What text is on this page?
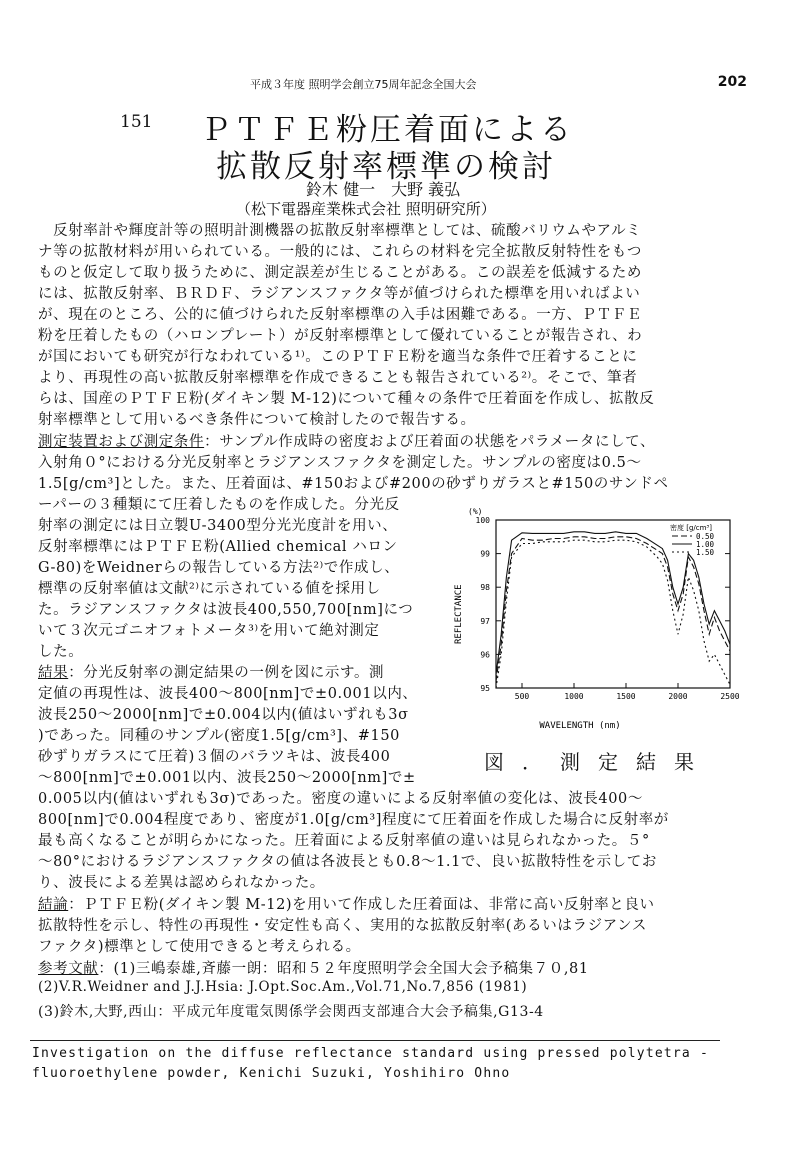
平成３年度 照明学会創立75周年記念全国大会	202
151 ＰＴＦＥ粉圧着面による
拡散反射率標準の検討
鈴木 健一　大野 義弘
（松下電器産業株式会社 照明研究所）
　反射率計や輝度計等の照明計測機器の拡散反射率標準としては、硫酸バリウムやアルミ
ナ等の拡散材料が用いられている。一般的には、これらの材料を完全拡散反射特性をもつ
ものと仮定して取り扱うために、測定誤差が生じることがある。この誤差を低減するため
には、拡散反射率、ＢＲＤＦ、ラジアンスファクタ等が値づけられた標準を用いればよい
が、現在のところ、公的に値づけられた反射率標準の入手は困難である。一方、ＰＴＦＥ
粉を圧着したもの（ハロンプレート）が反射率標準として優れていることが報告され、わ
が国においても研究が行なわれている¹⁾。このＰＴＦＥ粉を適当な条件で圧着することに
より、再現性の高い拡散反射率標準を作成できることも報告されている²⁾。そこで、筆者
らは、国産のＰＴＦＥ粉(ダイキン製 M-12)について種々の条件で圧着面を作成し、拡散反
射率標準として用いるべき条件について検討したので報告する。
測定装置および測定条件：サンプル作成時の密度および圧着面の状態をパラメータにして、
入射角０°における分光反射率とラジアンスファクタを測定した。サンプルの密度は0.5～
1.5[g/cm³]とした。また、圧着面は、#150および#200の砂ずりガラスと#150のサンドペ
ーパーの３種類にて圧着したものを作成した。分光反
射率の測定には日立製U-3400型分光光度計を用い、
反射率標準にはＰＴＦＥ粉(Allied chemical ハロン
G-80)をWeidnerらの報告している方法²⁾で作成し、
標準の反射率値は文献²⁾に示されている値を採用し
た。ラジアンスファクタは波長400,550,700[nm]につ
いて３次元ゴニオフォトメータ³⁾を用いて絶対測定
した。
結果：分光反射率の測定結果の一例を図に示す。測
定値の再現性は、波長400～800[nm]で±0.001以内、
波長250～2000[nm]で±0.004以内(値はいずれも3σ
)であった。同種のサンプル(密度1.5[g/cm³]、#150
砂ずりガラスにて圧着)３個のバラツキは、波長400
～800[nm]で±0.001以内、波長250～2000[nm]で±
0.005以内(値はいずれも3σ)であった。密度の違いによる反射率値の変化は、波長400～
800[nm]で0.004程度であり、密度が1.0[g/cm³]程度にて圧着面を作成した場合に反射率が
最も高くなることが明らかになった。圧着面による反射率値の違いは見られなかった。５°
～80°におけるラジアンスファクタの値は各波長とも0.8～1.1で、良い拡散特性を示してお
り、波長による差異は認められなかった。
結論：ＰＴＦＥ粉(ダイキン製 M-12)を用いて作成した圧着面は、非常に高い反射率と良い
拡散特性を示し、特性の再現性・安定性も高く、実用的な拡散反射率(あるいはラジアンス
ファクタ)標準として使用できると考えられる。
参考文献：(1)三嶋泰雄,斉藤一朗：昭和５２年度照明学会全国大会予稿集７０,81
(2)V.R.Weidner and J.J.Hsia: J.Opt.Soc.Am.,Vol.71,No.7,856 (1981)
(3)鈴木,大野,西山：平成元年度電気関係学会関西支部連合大会予稿集,G13-4
Investigation on the diffuse reflectance standard using pressed polytetra -
fluoroethylene powder, Kenichi Suzuki, Yoshihiro Ohno
(%)
95
96
97
98
99
100
500	1000	1500	2000	2500
密度 [g/cm³]
0.50
1.00
1.50
REFLECTANCE
WAVELENGTH (nm)
図．測定結果
